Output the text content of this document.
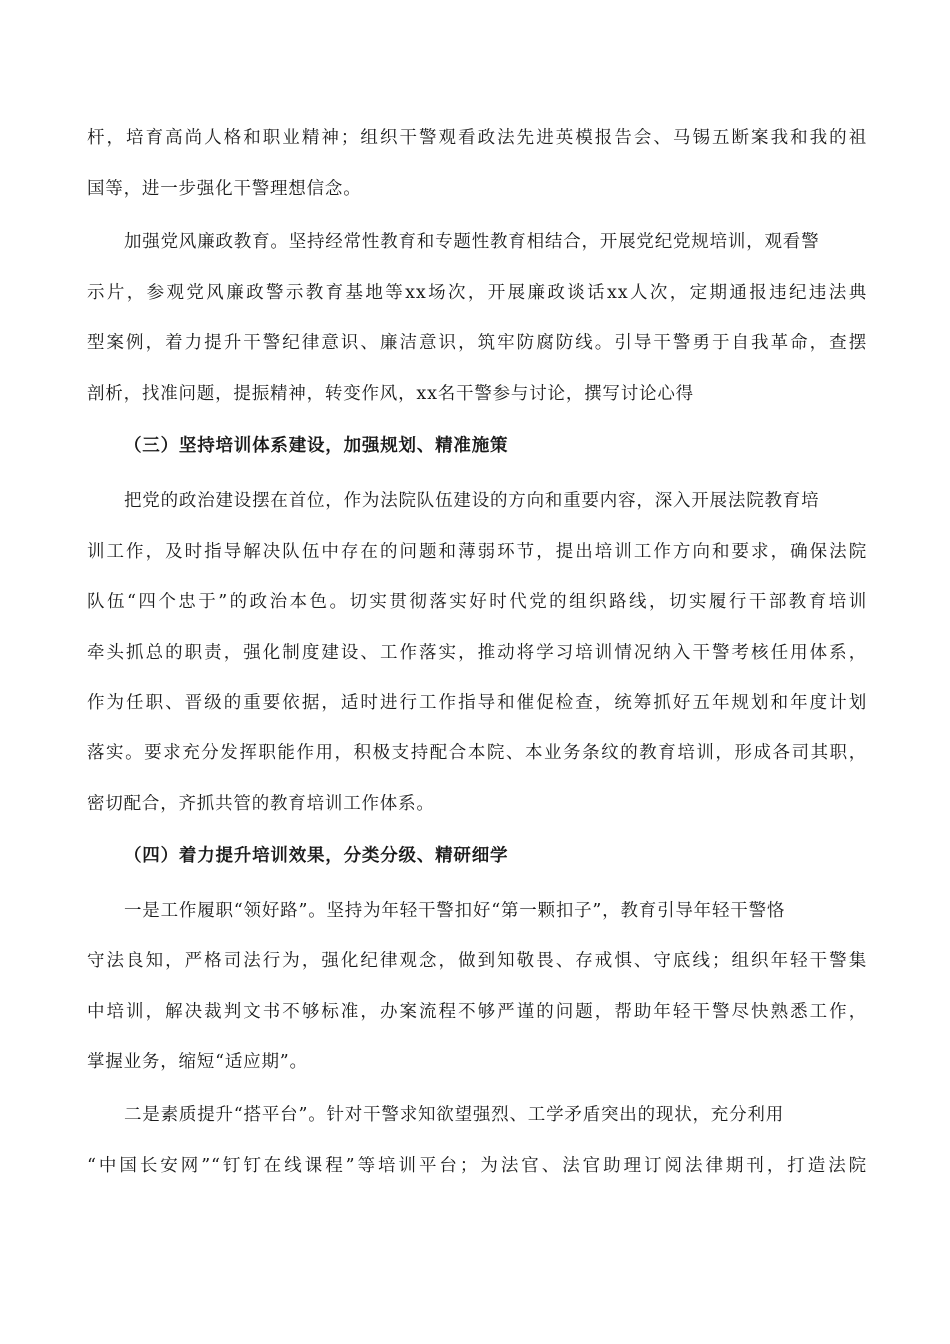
杆，培育高尚人格和职业精神；组织干警观看政法先进英模报告会、马锡五断案我和我的祖
国等，进一步强化干警理想信念。
加强党风廉政教育。坚持经常性教育和专题性教育相结合，开展党纪党规培训，观看警
示片，参观党风廉政警示教育基地等xx场次，开展廉政谈话xx人次，定期通报违纪违法典
型案例，着力提升干警纪律意识、廉洁意识，筑牢防腐防线。引导干警勇于自我革命，查摆
剖析，找准问题，提振精神，转变作风，xx名干警参与讨论，撰写讨论心得
（三）坚持培训体系建设，加强规划、精准施策
把党的政治建设摆在首位，作为法院队伍建设的方向和重要内容，深入开展法院教育培
训工作，及时指导解决队伍中存在的问题和薄弱环节，提出培训工作方向和要求，确保法院
队伍“四个忠于”的政治本色。切实贯彻落实好时代党的组织路线，切实履行干部教育培训
牵头抓总的职责，强化制度建设、工作落实，推动将学习培训情况纳入干警考核任用体系，
作为任职、晋级的重要依据，适时进行工作指导和催促检查，统筹抓好五年规划和年度计划
落实。要求充分发挥职能作用，积极支持配合本院、本业务条纹的教育培训，形成各司其职，
密切配合，齐抓共管的教育培训工作体系。
（四）着力提升培训效果，分类分级、精研细学
一是工作履职“领好路”。坚持为年轻干警扣好“第一颗扣子”，教育引导年轻干警恪
守法良知，严格司法行为，强化纪律观念，做到知敬畏、存戒惧、守底线；组织年轻干警集
中培训，解决裁判文书不够标准，办案流程不够严谨的问题，帮助年轻干警尽快熟悉工作，
掌握业务，缩短“适应期”。
二是素质提升“搭平台”。针对干警求知欲望强烈、工学矛盾突出的现状，充分利用
“中国长安网”“钉钉在线课程”等培训平台；为法官、法官助理订阅法律期刊，打造法院
